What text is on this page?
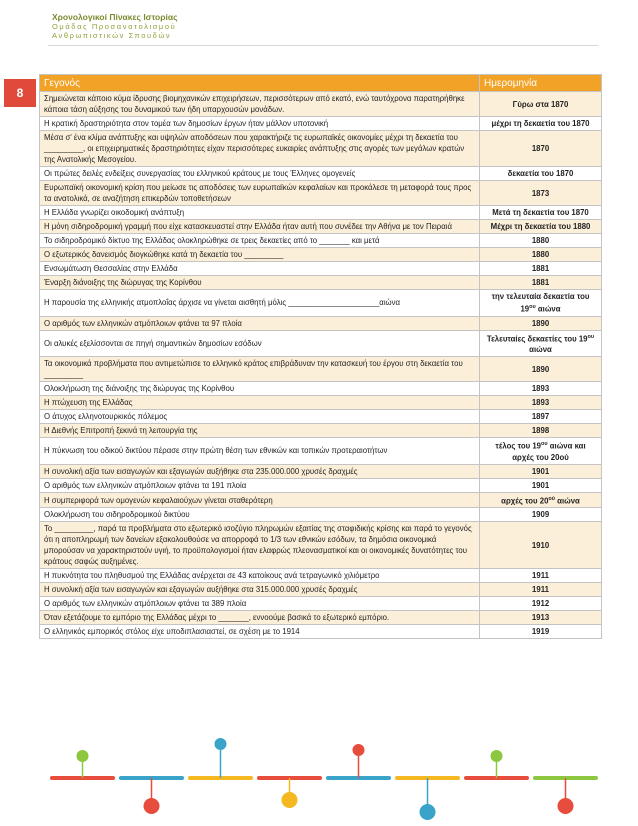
Χρονολογικοί Πίνακες Ιστορίας
Ομάδας Προσανατολισμού
Ανθρωπιστικών Σπουδών
8
Γεγονός	Ημερομηνία
Σημειώνεται κάποιο κύμα ίδρυσης βιομηχανικών επιχειρήσεων, περισσότερων από εκατό, ενώ ταυτόχρονα παρατηρήθηκε κάποια τάση αύξησης του δυναμικού των ήδη υπαρχουσών μονάδων.	Γύρω στα 1870
Η κρατική δραστηριότητα στον τομέα των δημοσίων έργων ήταν μάλλον υποτονική	μέχρι τη δεκαετία του 1870
Μέσα σ' ένα κλίμα ανάπτυξης και υψηλών αποδόσεων που χαρακτήριζε τις ευρωπαϊκές οικονομίες μέχρι τη δεκαετία του _________, οι επιχειρηματικές δραστηριότητες είχαν περισσότερες ευκαιρίες ανάπτυξης στις αγορές των μεγάλων κρατών της Ανατολικής Μεσογείου.	1870
Οι πρώτες δειλές ενδείξεις συνεργασίας του ελληνικού κράτους με τους Έλληνες ομογενείς	δεκαετία του 1870
Ευρωπαϊκή οικονομική κρίση που μείωσε τις αποδόσεις των ευρωπαϊκών κεφαλαίων και προκάλεσε τη μεταφορά τους προς τα ανατολικά, σε αναζήτηση επικερδών τοποθετήσεων	1873
Η Ελλάδα γνωρίζει οικοδομική ανάπτυξη	Μετά τη δεκαετία του 1870
Η μόνη σιδηροδρομική γραμμή που είχε κατασκευαστεί στην Ελλάδα ήταν αυτή που συνέδεε την Αθήνα με τον Πειραιά	Μέχρι τη δεκαετία του 1880
Το σιδηροδρομικό δίκτυο της Ελλάδας ολοκληρώθηκε σε τρεις δεκαετίες από το _______ και μετά	1880
Ο εξωτερικός δανεισμός διογκώθηκε κατά τη δεκαετία του _________	1880
Ενσωμάτωση Θεσσαλίας στην Ελλάδα	1881
Έναρξη διάνοιξης της διώρυγας της Κορίνθου	1881
Η παρουσία της ελληνικής ατμοπλοΐας άρχισε να γίνεται αισθητή μόλις _____________________αιώνα	την τελευταία δεκαετία του $19^{o\upsilon}$ αιώνα
Ο αριθμός των ελληνικών ατμόπλοιων φτάνει τα 97 πλοία	1890
Οι αλυκές εξελίσσονται σε πηγή σημαντικών δημοσίων εσόδων	Τελευταίες δεκαετίες του $19^{o\upsilon}$ αιώνα
Τα οικονομικά προβλήματα που αντιμετώπισε το ελληνικό κράτος επιβράδυναν την κατασκευή του έργου στη δεκαετία του _________	1890
Ολοκλήρωση της διάνοιξης της διώρυγας της Κορίνθου	1893
Η πτώχευση της Ελλάδας	1893
Ο άτυχος ελληνοτουρκικός πόλεμος	1897
Η Διεθνής Επιτροπή ξεκινά τη λειτουργία της	1898
Η πύκνωση του οδικού δικτύου πέρασε στην πρώτη θέση των εθνικών και τοπικών προτεραιοτήτων	τέλος του $19^{o\upsilon}$ αιώνα και αρχές του 20ού
Η συνολική αξία των εισαγωγών και εξαγωγών αυξήθηκε στα 235.000.000 χρυσές δραχμές	1901
Ο αριθμός των ελληνικών ατμόπλοιων φτάνει τα 191 πλοία	1901
Η συμπεριφορά των ομογενών κεφαλαιούχων γίνεται σταθερότερη	αρχές του $20^{oύ}$ αιώνα
Ολοκλήρωση του σιδηροδρομικού δικτύου	1909
Το _________, παρά τα προβλήματα στο εξωτερικό ισοζύγιο πληρωμών εξαιτίας της σταφιδικής κρίσης και παρά το γεγονός ότι η αποπληρωμή των δανείων εξακολουθούσε να απορροφά το 1/3 των εθνικών εσόδων, τα δημόσια οικονομικά μπορούσαν να χαρακτηριστούν υγιή, το προϋπολογισμοί ήταν ελαφρώς πλεονασματικοί και οι οικονομικές δυνατότητες του κράτους σαφώς αυξημένες.	1910
Η πυκνότητα του πληθυσμού της Ελλάδας ανέρχεται σε 43 κατοίκους ανά τετραγωνικό χιλιόμετρο	1911
Η συνολική αξία των εισαγωγών και εξαγωγών αυξήθηκε στα 315.000.000 χρυσές δραχμές	1911
Ο αριθμός των ελληνικών ατμόπλοιων φτάνει τα 389 πλοία	1912
Όταν εξετάζουμε το εμπόριο της Ελλάδας μέχρι το _______, εννοούμε βασικά το εξωτερικό εμπόριο.	1913
Ο ελληνικός εμπορικός στόλος είχε υποδιπλασιαστεί, σε σχέση με το 1914	1919
